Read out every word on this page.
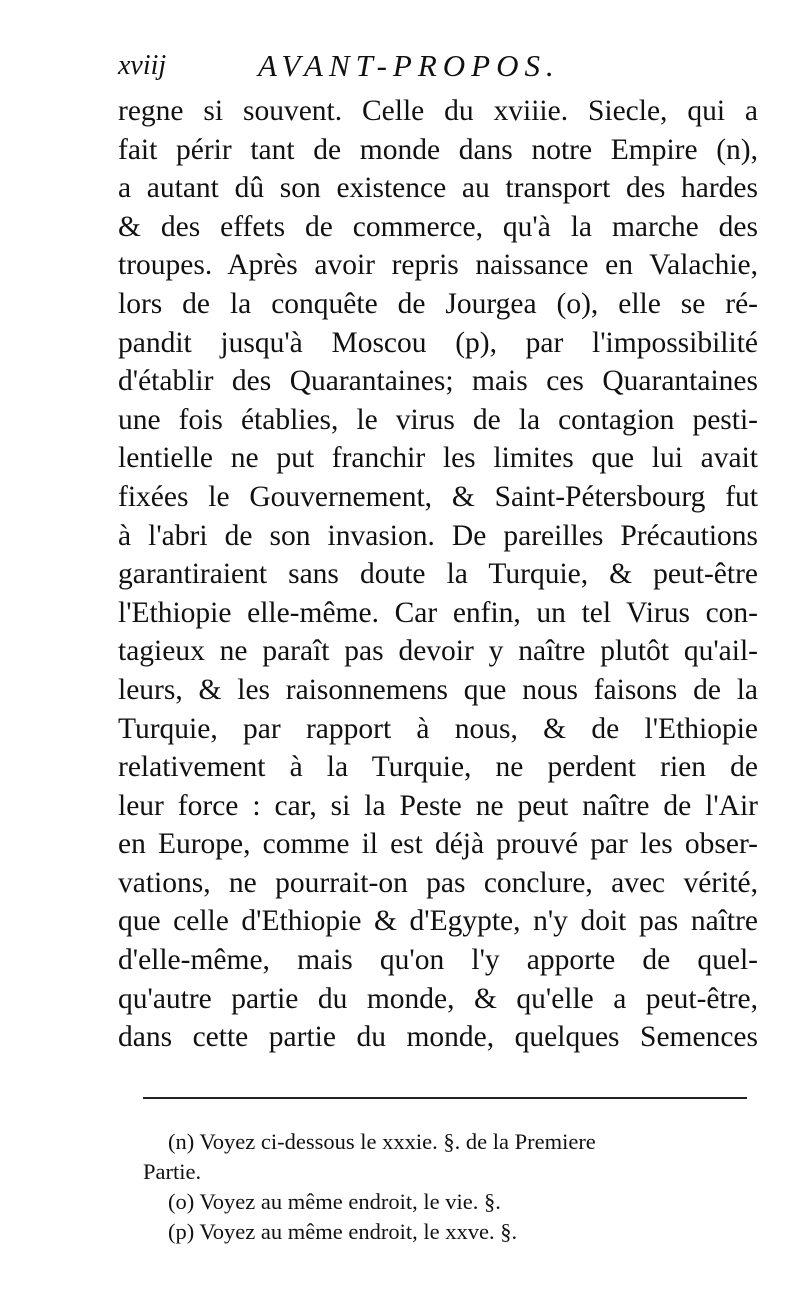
xviij	AVANT-PROPOS.
regne si souvent. Celle du xviiie. Siecle, qui a
fait périr tant de monde dans notre Empire (n),
a autant dû son existence au transport des hardes
& des effets de commerce, qu'à la marche des
troupes. Après avoir repris naissance en Valachie,
lors de la conquête de Jourgea (o), elle se ré-
pandit jusqu'à Moscou (p), par l'impossibilité
d'établir des Quarantaines; mais ces Quarantaines
une fois établies, le virus de la contagion pesti-
lentielle ne put franchir les limites que lui avait
fixées le Gouvernement, & Saint-Pétersbourg fut
à l'abri de son invasion. De pareilles Précautions
garantiraient sans doute la Turquie, & peut-être
l'Ethiopie elle-même. Car enfin, un tel Virus con-
tagieux ne paraît pas devoir y naître plutôt qu'ail-
leurs, & les raisonnemens que nous faisons de la
Turquie, par rapport à nous, & de l'Ethiopie
relativement à la Turquie, ne perdent rien de
leur force : car, si la Peste ne peut naître de l'Air
en Europe, comme il est déjà prouvé par les obser-
vations, ne pourrait-on pas conclure, avec vérité,
que celle d'Ethiopie & d'Egypte, n'y doit pas naître
d'elle-même, mais qu'on l'y apporte de quel-
qu'autre partie du monde, & qu'elle a peut-être,
dans cette partie du monde, quelques Semences
(n) Voyez ci-dessous le xxxie. §. de la Premiere
Partie.
(o) Voyez au même endroit, le vie. §.
(p) Voyez au même endroit, le xxve. §.
